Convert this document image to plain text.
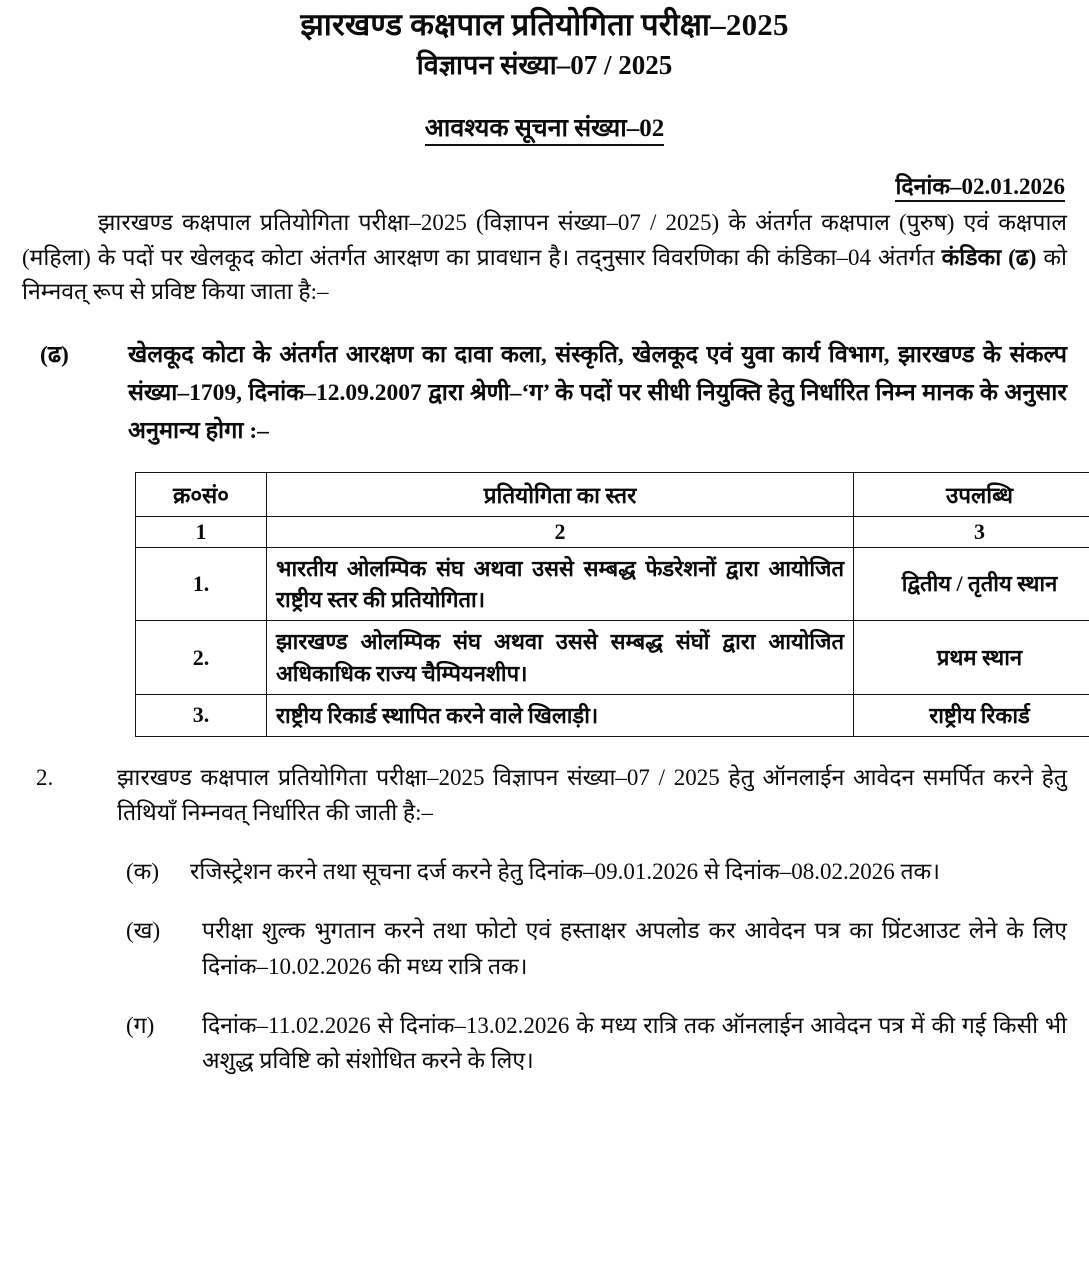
झारखण्ड कक्षपाल प्रतियोगिता परीक्षा–2025
विज्ञापन संख्या–07 / 2025
आवश्यक सूचना संख्या–02
दिनांक–02.01.2026

झारखण्ड कक्षपाल प्रतियोगिता परीक्षा–2025 (विज्ञापन संख्या–07 / 2025) के अंतर्गत कक्षपाल (पुरुष) एवं कक्षपाल (महिला) के पदों पर खेलकूद कोटा अंतर्गत आरक्षण का प्रावधान है। तद्नुसार विवरणिका की कंडिका–04 अंतर्गत कंडिका (ढ) को निम्नवत् रूप से प्रविष्ट किया जाता है:–

(ढ)	खेलकूद कोटा के अंतर्गत आरक्षण का दावा कला, संस्कृति, खेलकूद एवं युवा कार्य विभाग, झारखण्ड के संकल्प संख्या–1709, दिनांक–12.09.2007 द्वारा श्रेणी–‘ग’ के पदों पर सीधी नियुक्ति हेतु निर्धारित निम्न मानक के अनुसार अनुमान्य होगा :–

क्र०सं०	प्रतियोगिता का स्तर	उपलब्धि
1	2	3
1.	भारतीय ओलम्पिक संघ अथवा उससे सम्बद्ध फेडरेशनों द्वारा आयोजित राष्ट्रीय स्तर की प्रतियोगिता।	द्वितीय / तृतीय स्थान
2.	झारखण्ड ओलम्पिक संघ अथवा उससे सम्बद्ध संघों द्वारा आयोजित अधिकाधिक राज्य चैम्पियनशीप।	प्रथम स्थान
3.	राष्ट्रीय रिकार्ड स्थापित करने वाले खिलाड़ी।	राष्ट्रीय रिकार्ड

2.	झारखण्ड कक्षपाल प्रतियोगिता परीक्षा–2025 विज्ञापन संख्या–07 / 2025 हेतु ऑनलाईन आवेदन समर्पित करने हेतु तिथियाँ निम्नवत् निर्धारित की जाती है:–

(क) रजिस्ट्रेशन करने तथा सूचना दर्ज करने हेतु दिनांक–09.01.2026 से दिनांक–08.02.2026 तक।

(ख) परीक्षा शुल्क भुगतान करने तथा फोटो एवं हस्ताक्षर अपलोड कर आवेदन पत्र का प्रिंटआउट लेने के लिए दिनांक–10.02.2026 की मध्य रात्रि तक।

(ग) दिनांक–11.02.2026 से दिनांक–13.02.2026 के मध्य रात्रि तक ऑनलाईन आवेदन पत्र में की गई किसी भी अशुद्ध प्रविष्टि को संशोधित करने के लिए।
